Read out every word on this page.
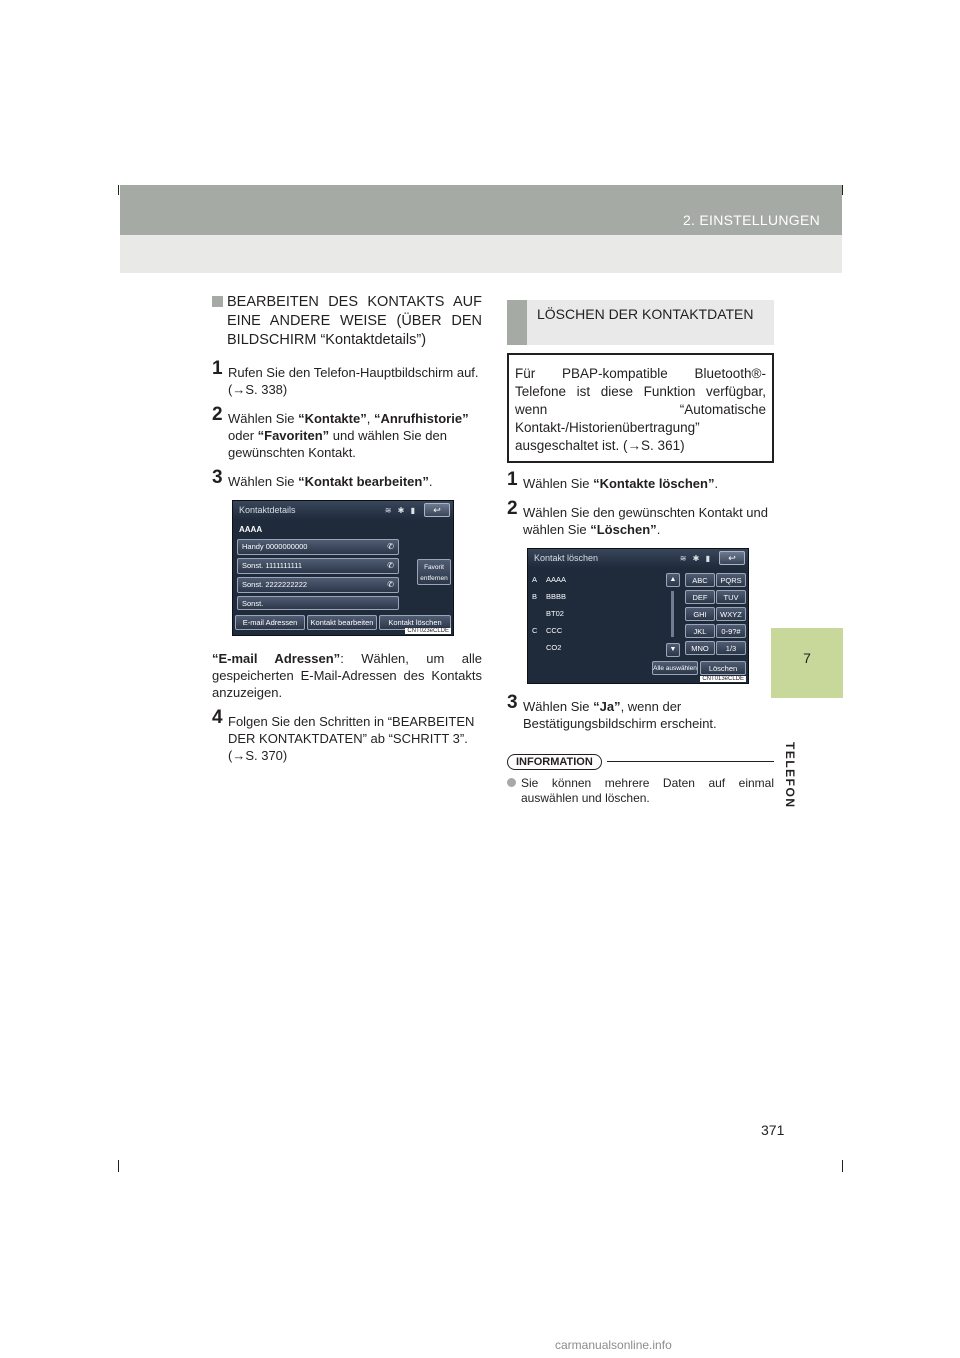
2. EINSTELLUNGEN
7
TELEFON
BEARBEITEN DES KONTAKTS AUF EINE ANDERE WEISE (ÜBER DEN BILDSCHIRM “Kontaktdetails”)
1 Rufen Sie den Telefon-Hauptbildschirm auf. (→S. 338)
2 Wählen Sie “Kontakte”, “Anrufhistorie” oder “Favoriten” und wählen Sie den gewünschten Kontakt.
3 Wählen Sie “Kontakt bearbeiten”.
Kontaktdetails	≋ ✱ ▮	↩
AAAA
Handy 0000000000	✆
Sonst. 1111111111	✆
Sonst. 2222222222	✆
Sonst.
Favorit entfernen
E-mail Adressen	Kontakt bearbeiten	Kontakt löschen
CNT023eCLDE
“E-mail Adressen”: Wählen, um alle gespeicherten E-Mail-Adressen des Kontakts anzuzeigen.
4 Folgen Sie den Schritten in “BEARBEITEN DER KONTAKTDATEN” ab “SCHRITT 3”. (→S. 370)
LÖSCHEN DER KONTAKTDATEN
Für PBAP-kompatible Bluetooth®-Telefone ist diese Funktion verfügbar, wenn “Automatische Kontakt-/Historienübertragung” ausgeschaltet ist. (→S. 361)
1 Wählen Sie “Kontakte löschen”.
2 Wählen Sie den gewünschten Kontakt und wählen Sie “Löschen”.
Kontakt löschen	≋ ✱ ▮	↩
A AAAA
B BBBB
BT02
C CCC
CO2
▲
▼
ABC	PQRS
DEF	TUV
GHI	WXYZ
JKL	0-9?#
MNO	1/3
Alle auswählen	Löschen
CNT013eCLDE
3 Wählen Sie “Ja”, wenn der Bestätigungsbildschirm erscheint.
INFORMATION
Sie können mehrere Daten auf einmal auswählen und löschen.
371
carmanualsonline.info
